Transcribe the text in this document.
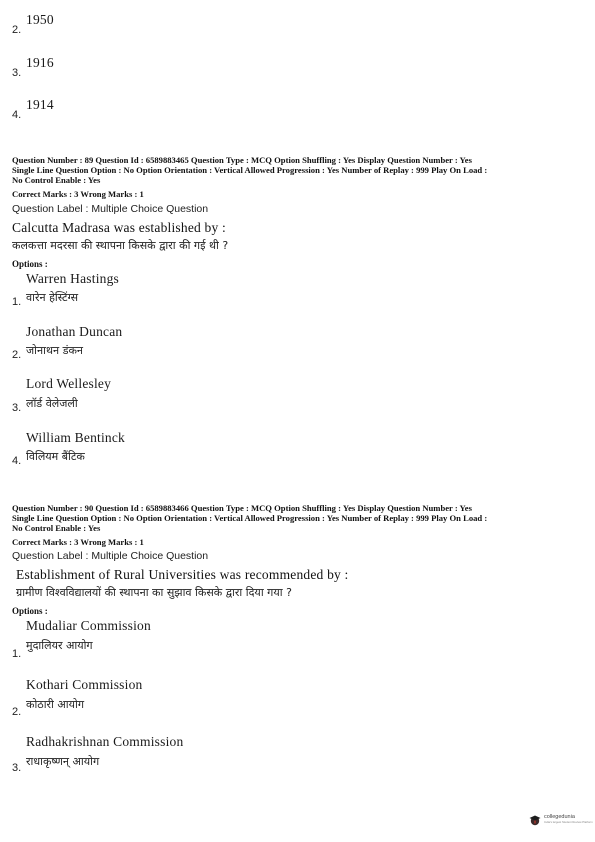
1950
2.
1916
3.
1914
4.
Question Number : 89 Question Id : 6589883465 Question Type : MCQ Option Shuffling : Yes Display Question Number : Yes
Single Line Question Option : No Option Orientation : Vertical Allowed Progression : Yes Number of Replay : 999 Play On Load :
No Control Enable : Yes
Correct Marks : 3 Wrong Marks : 1
Question Label : Multiple Choice Question
Calcutta Madrasa was established by :
कलकत्ता मदरसा की स्थापना किसके द्वारा की गई थी ?
Options :
Warren Hastings
वारेन हेस्टिंग्स
1.
Jonathan Duncan
जोनाथन डंकन
2.
Lord Wellesley
लॉर्ड वेलेजली
3.
William Bentinck
विलियम बैंटिक
4.
Question Number : 90 Question Id : 6589883466 Question Type : MCQ Option Shuffling : Yes Display Question Number : Yes
Single Line Question Option : No Option Orientation : Vertical Allowed Progression : Yes Number of Replay : 999 Play On Load :
No Control Enable : Yes
Correct Marks : 3 Wrong Marks : 1
Question Label : Multiple Choice Question
Establishment of Rural Universities was recommended by :
ग्रामीण विश्वविद्यालयों की स्थापना का सुझाव किसके द्वारा दिया गया ?
Options :
Mudaliar Commission
मुदालियर आयोग
1.
Kothari Commission
कोठारी आयोग
2.
Radhakrishnan Commission
राधाकृष्णन् आयोग
3.
collegedunia
India's largest Student Review Platform
